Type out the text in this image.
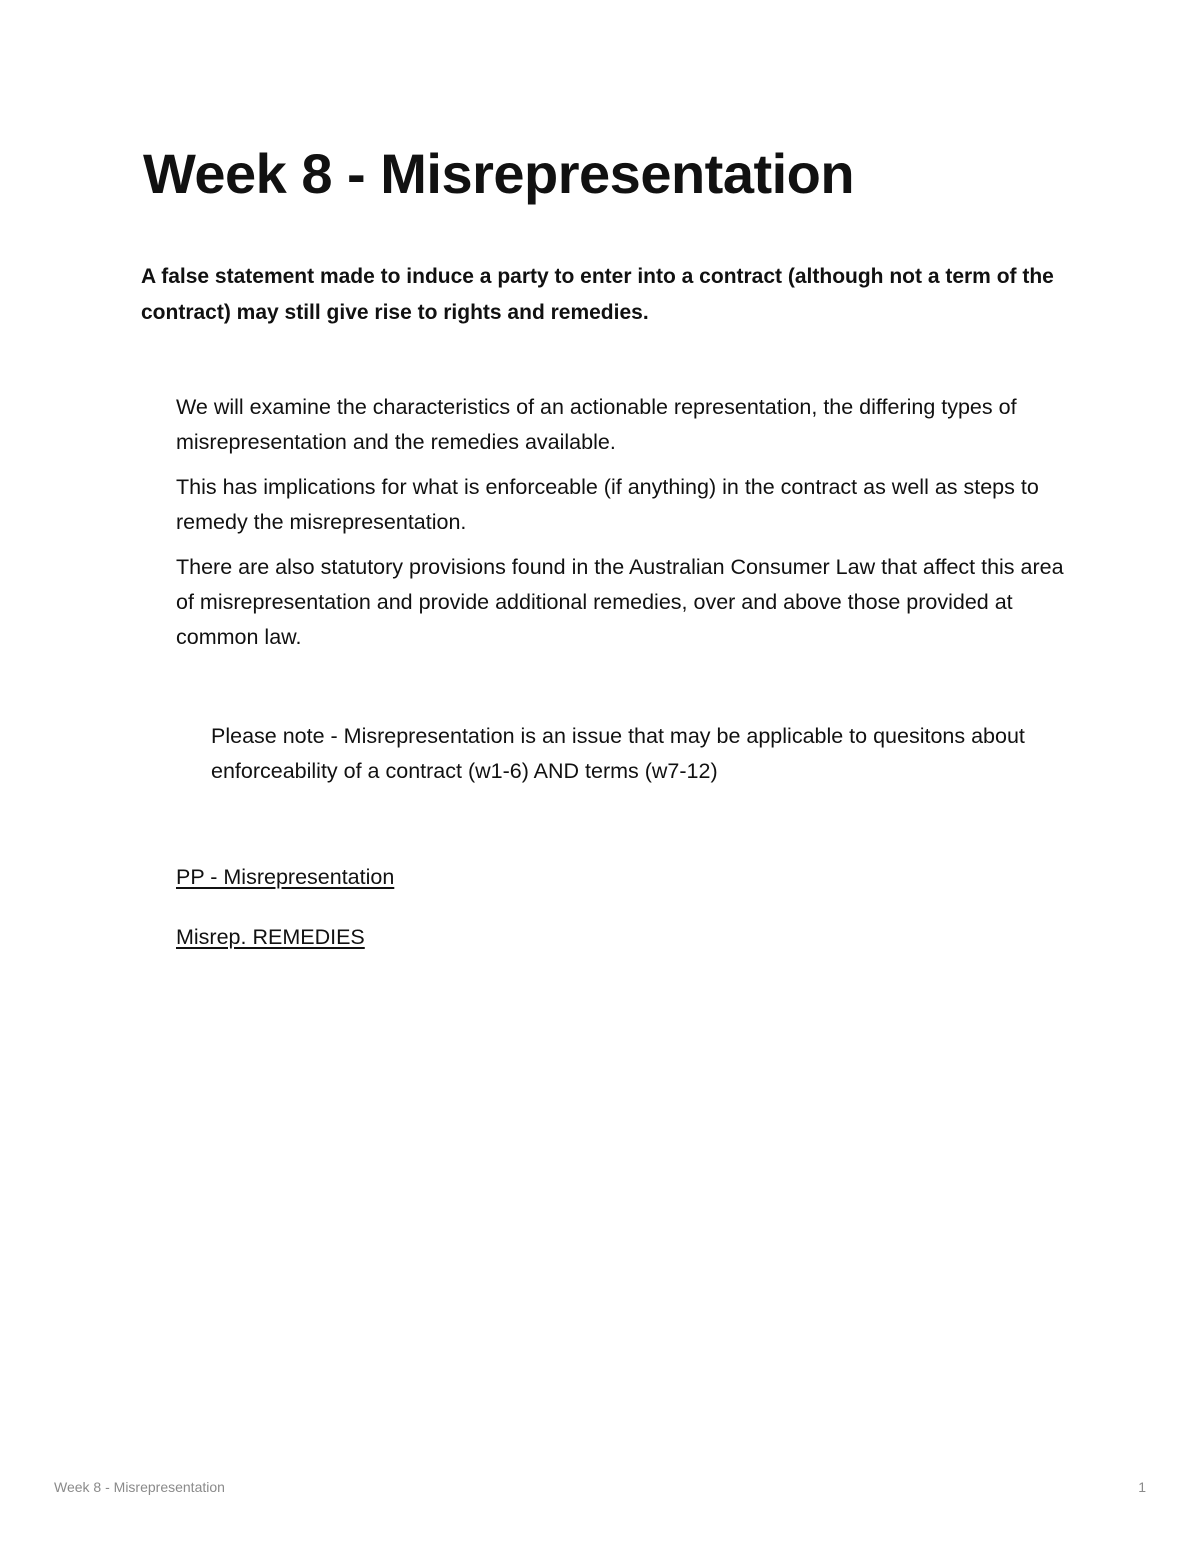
Week 8 - Misrepresentation

A false statement made to induce a party to enter into a contract (although not a term of the contract) may still give rise to rights and remedies.

We will examine the characteristics of an actionable representation, the differing types of misrepresentation and the remedies available.

This has implications for what is enforceable (if anything) in the contract as well as steps to remedy the misrepresentation.

There are also statutory provisions found in the Australian Consumer Law that affect this area of misrepresentation and provide additional remedies, over and above those provided at common law.

Please note - Misrepresentation is an issue that may be applicable to quesitons about enforceability of a contract (w1-6) AND terms (w7-12)

PP - Misrepresentation
Misrep. REMEDIES
Week 8 - Misrepresentation	1
